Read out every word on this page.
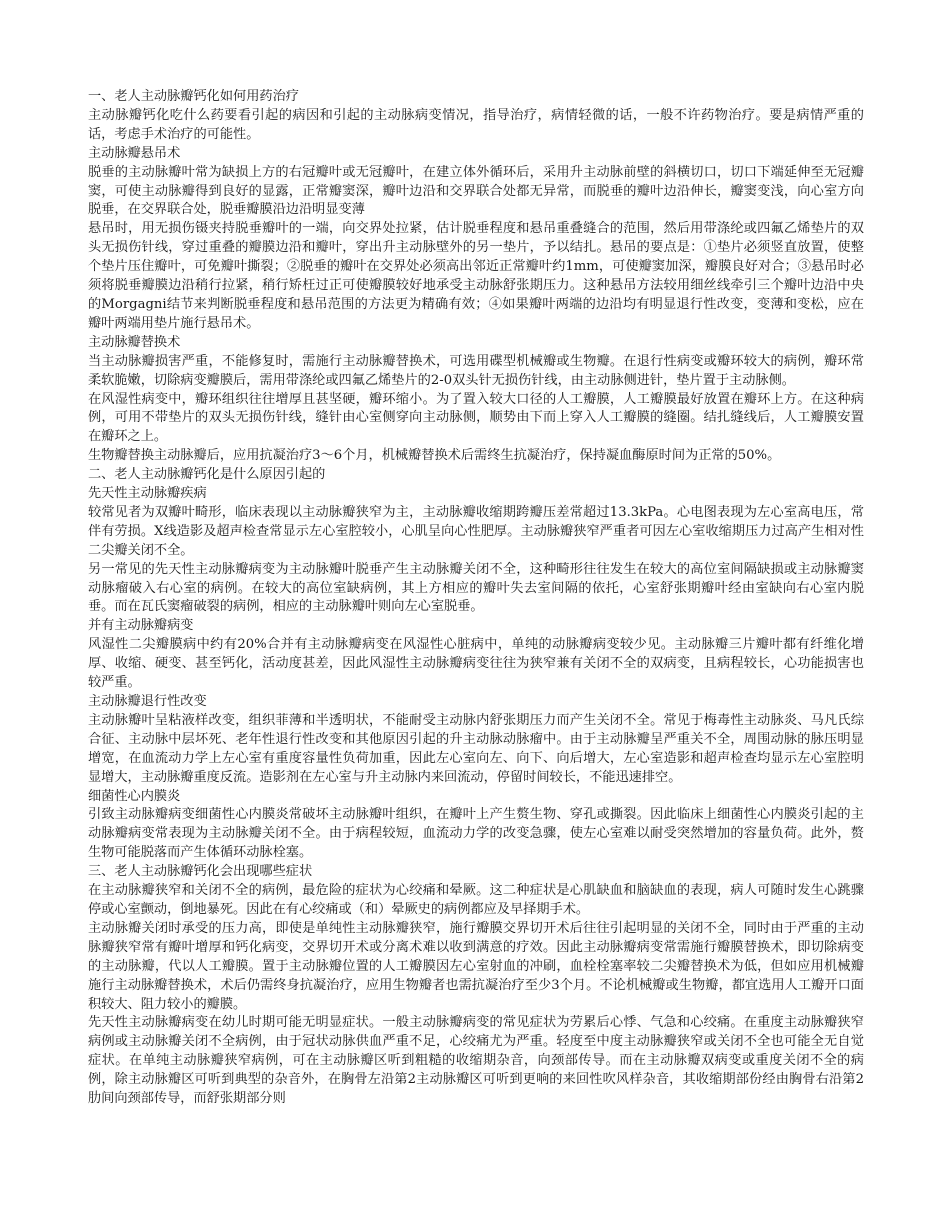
一、老人主动脉瓣钙化如何用药治疗

主动脉瓣钙化吃什么药要看引起的病因和引起的主动脉病变情况，指导治疗，病情轻微的话，一般不许药物治疗。要是病情严重的话，考虑手术治疗的可能性。

主动脉瓣悬吊术

脱垂的主动脉瓣叶常为缺损上方的右冠瓣叶或无冠瓣叶，在建立体外循环后，采用升主动脉前壁的斜横切口，切口下端延伸至无冠瓣窦，可使主动脉瓣得到良好的显露，正常瓣窦深，瓣叶边沿和交界联合处都无异常，而脱垂的瓣叶边沿伸长，瓣窦变浅，向心室方向脱垂，在交界联合处，脱垂瓣膜沿边沿明显变薄

悬吊时，用无损伤镊夹持脱垂瓣叶的一端，向交界处拉紧，估计脱垂程度和悬吊重叠缝合的范围，然后用带涤纶或四氟乙烯垫片的双头无损伤针线，穿过重叠的瓣膜边沿和瓣叶，穿出升主动脉壁外的另一垫片，予以结扎。悬吊的要点是：①垫片必须竖直放置，使整个垫片压住瓣叶，可免瓣叶撕裂；②脱垂的瓣叶在交界处必须高出邻近正常瓣叶约1mm，可使瓣窦加深，瓣膜良好对合；③悬吊时必须将脱垂瓣膜边沿稍行拉紧，稍行矫枉过正可使瓣膜较好地承受主动脉舒张期压力。这种悬吊方法较用细丝线牵引三个瓣叶边沿中央的Morgagni结节来判断脱垂程度和悬吊范围的方法更为精确有效；④如果瓣叶两端的边沿均有明显退行性改变，变薄和变松，应在瓣叶两端用垫片施行悬吊术。

主动脉瓣替换术

当主动脉瓣损害严重，不能修复时，需施行主动脉瓣替换术，可选用碟型机械瓣或生物瓣。在退行性病变或瓣环较大的病例，瓣环常柔软脆嫩，切除病变瓣膜后，需用带涤纶或四氟乙烯垫片的2-0双头针无损伤针线，由主动脉侧进针，垫片置于主动脉侧。

在风湿性病变中，瓣环组织往往增厚且甚坚硬，瓣环缩小。为了置入较大口径的人工瓣膜，人工瓣膜最好放置在瓣环上方。在这种病例，可用不带垫片的双头无损伤针线，缝针由心室侧穿向主动脉侧，顺势由下而上穿入人工瓣膜的缝圈。结扎缝线后，人工瓣膜安置在瓣环之上。

生物瓣替换主动脉瓣后，应用抗凝治疗3～6个月，机械瓣替换术后需终生抗凝治疗，保持凝血酶原时间为正常的50%。

二、老人主动脉瓣钙化是什么原因引起的

先天性主动脉瓣疾病

较常见者为双瓣叶畸形，临床表现以主动脉瓣狭窄为主，主动脉瓣收缩期跨瓣压差常超过13.3kPa。心电图表现为左心室高电压，常伴有劳损。X线造影及超声检查常显示左心室腔较小，心肌呈向心性肥厚。主动脉瓣狭窄严重者可因左心室收缩期压力过高产生相对性二尖瓣关闭不全。

另一常见的先天性主动脉瓣病变为主动脉瓣叶脱垂产生主动脉瓣关闭不全，这种畸形往往发生在较大的高位室间隔缺损或主动脉瓣窦动脉瘤破入右心室的病例。在较大的高位室缺病例，其上方相应的瓣叶失去室间隔的依托，心室舒张期瓣叶经由室缺向右心室内脱垂。而在瓦氏窦瘤破裂的病例，相应的主动脉瓣叶则向左心室脱垂。

并有主动脉瓣病变

风湿性二尖瓣膜病中约有20%合并有主动脉瓣病变在风湿性心脏病中，单纯的动脉瓣病变较少见。主动脉瓣三片瓣叶都有纤维化增厚、收缩、硬变、甚至钙化，活动度甚差，因此风湿性主动脉瓣病变往往为狭窄兼有关闭不全的双病变，且病程较长，心功能损害也较严重。

主动脉瓣退行性改变

主动脉瓣叶呈粘液样改变，组织菲薄和半透明状，不能耐受主动脉内舒张期压力而产生关闭不全。常见于梅毒性主动脉炎、马凡氏综合征、主动脉中层坏死、老年性退行性改变和其他原因引起的升主动脉动脉瘤中。由于主动脉瓣呈严重关不全，周围动脉的脉压明显增宽，在血流动力学上左心室有重度容量性负荷加重，因此左心室向左、向下、向后增大，左心室造影和超声检查均显示左心室腔明显增大，主动脉瓣重度反流。造影剂在左心室与升主动脉内来回流动，停留时间较长，不能迅速排空。

细菌性心内膜炎

引致主动脉瓣病变细菌性心内膜炎常破坏主动脉瓣叶组织，在瓣叶上产生赘生物、穿孔或撕裂。因此临床上细菌性心内膜炎引起的主动脉瓣病变常表现为主动脉瓣关闭不全。由于病程较短，血流动力学的改变急骤，使左心室难以耐受突然增加的容量负荷。此外，赘生物可能脱落而产生体循环动脉栓塞。

三、老人主动脉瓣钙化会出现哪些症状

在主动脉瓣狭窄和关闭不全的病例，最危险的症状为心绞痛和晕厥。这二种症状是心肌缺血和脑缺血的表现，病人可随时发生心跳骤停或心室颤动，倒地暴死。因此在有心绞痛或（和）晕厥史的病例都应及早择期手术。

主动脉瓣关闭时承受的压力高，即使是单纯性主动脉瓣狭窄，施行瓣膜交界切开术后往往引起明显的关闭不全，同时由于严重的主动脉瓣狭窄常有瓣叶增厚和钙化病变，交界切开术或分离术难以收到满意的疗效。因此主动脉瓣病变常需施行瓣膜替换术，即切除病变的主动脉瓣，代以人工瓣膜。置于主动脉瓣位置的人工瓣膜因左心室射血的冲刷，血栓栓塞率较二尖瓣替换术为低，但如应用机械瓣施行主动脉瓣替换术，术后仍需终身抗凝治疗，应用生物瓣者也需抗凝治疗至少3个月。不论机械瓣或生物瓣，都宜选用人工瓣开口面积较大、阻力较小的瓣膜。

先天性主动脉瓣病变在幼儿时期可能无明显症状。一般主动脉瓣病变的常见症状为劳累后心悸、气急和心绞痛。在重度主动脉瓣狭窄病例或主动脉瓣关闭不全病例，由于冠状动脉供血严重不足，心绞痛尤为严重。轻度至中度主动脉瓣狭窄或关闭不全也可能全无自觉症状。在单纯主动脉瓣狭窄病例，可在主动脉瓣区听到粗糙的收缩期杂音，向颈部传导。而在主动脉瓣双病变或重度关闭不全的病例，除主动脉瓣区可听到典型的杂音外，在胸骨左沿第2主动脉瓣区可听到更响的来回性吹风样杂音，其收缩期部份经由胸骨右沿第2肋间向颈部传导，而舒张期部分则
